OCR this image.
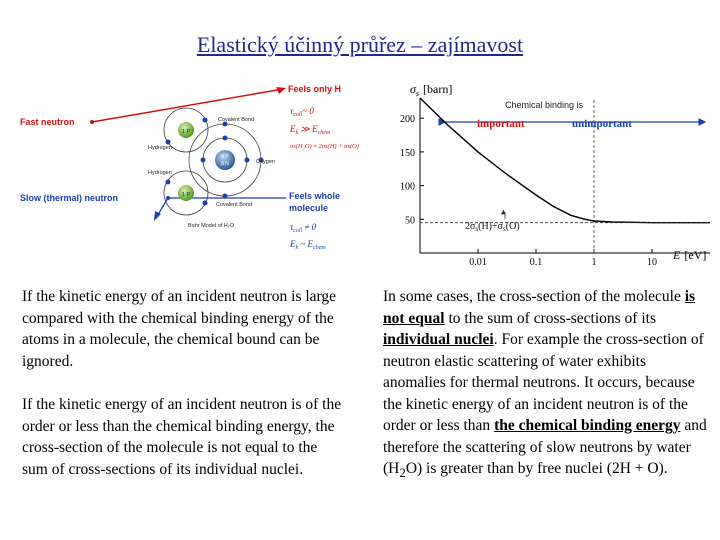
Elastický účinný průřez – zajímavost
Fast neutron
Slow (thermal) neutron
1 P
1 P
8 P
8 N
Covalent Bond
Hydrogen
Oxygen
Hydrogen
Covalent Bond
Bohr Model of H₂O
Feels only H
$\tau_{coll}\sim$ 0
$E_k$ ≫ $E_{chem}$
σs(H₂O) ≈ 2σs(H) + σs(O)
Feels whole
molecule
$\tau_{coll} \ne 0$
$E_k$ ~ $E_{chem}$
$\sigma_s$ [barn]
E [eV]
200
150
100
50
0.01	0.1	1	10
Chemical binding is
important	unimportant
$2\sigma_s(H)+\sigma_s(O)$
If the kinetic energy of an incident neutron is large compared with the chemical binding energy of the atoms in a molecule, the chemical bound can be ignored.
If the kinetic energy of an incident neutron is of the order or less than the chemical binding energy, the cross-section of the molecule is not equal to the sum of cross-sections of its individual nuclei.
In some cases, the cross-section of the molecule is not equal to the sum of cross-sections of its individual nuclei. For example the cross-section of neutron elastic scattering of water exhibits anomalies for thermal neutrons. It occurs, because the kinetic energy of an incident neutron is of the order or less than the chemical binding energy and therefore the scattering of slow neutrons by water $(H_2O)$ is greater than by free nuclei (2H + O).
